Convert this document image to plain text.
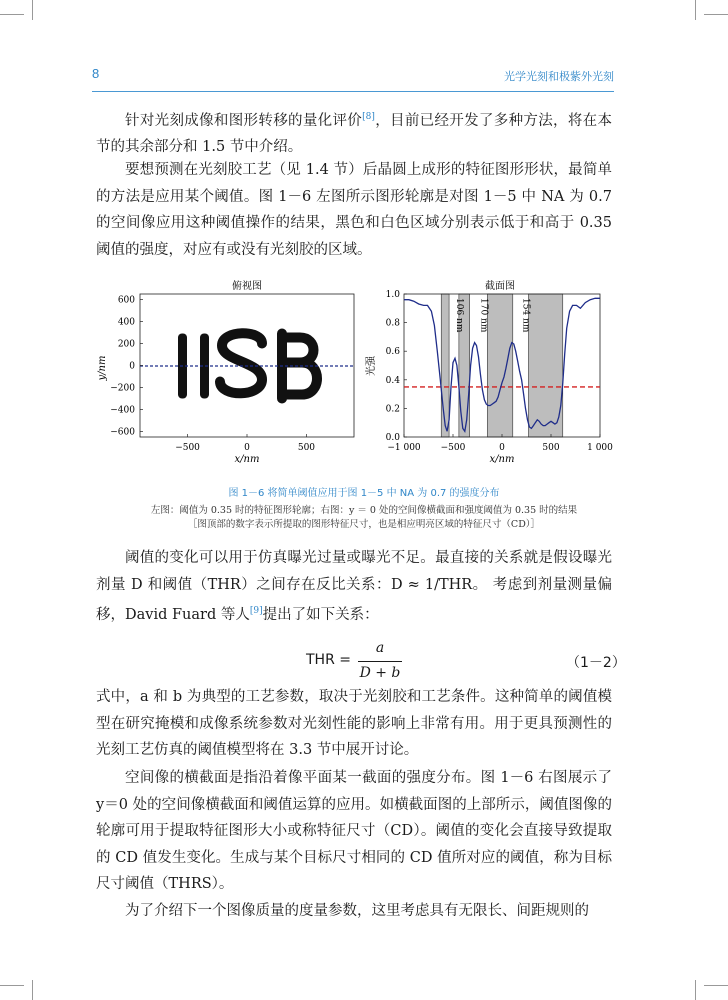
8	光学光刻和极紫外光刻

针对光刻成像和图形转移的量化评价[8]，目前已经开发了多种方法，将在本节的其余部分和 1.5 节中介绍。

要想预测在光刻胶工艺（见 1.4 节）后晶圆上成形的特征图形形状，最简单的方法是应用某个阈值。图 1－6 左图所示图形轮廓是对图 1－5 中 NA 为 0.7 的空间像应用这种阈值操作的结果，黑色和白色区域分别表示低于和高于 0.35 阈值的强度，对应有或没有光刻胶的区域。

俯视图
600
400
200
0
−200
−400
−600
−500	0	500
y/nm
x/nm
截面图
106 nm 170 nm	154 nm
0.0
0.2
0.4
0.6
0.8
1.0
−1 000 −500	0	500	1 000
光强
x/nm
图 1－6 将简单阈值应用于图 1－5 中 NA 为 0.7 的强度分布
左图：阈值为 0.35 时的特征图形轮廓；右图：y ＝ 0 处的空间像横截面和强度阈值为 0.35 时的结果
［图顶部的数字表示所提取的图形特征尺寸，也是相应明亮区域的特征尺寸（CD）］

阈值的变化可以用于仿真曝光过量或曝光不足。最直接的关系就是假设曝光剂量 D 和阈值（THR）之间存在反比关系：D ≈ 1/THR。 考虑到剂量测量偏移，David Fuard 等人[9]提出了如下关系：

THR =
a
D + b
（1－2）

式中，a 和 b 为典型的工艺参数，取决于光刻胶和工艺条件。这种简单的阈值模型在研究掩模和成像系统参数对光刻性能的影响上非常有用。用于更具预测性的光刻工艺仿真的阈值模型将在 3.3 节中展开讨论。

空间像的横截面是指沿着像平面某一截面的强度分布。图 1－6 右图展示了 y＝0 处的空间像横截面和阈值运算的应用。如横截面图的上部所示，阈值图像的轮廓可用于提取特征图形大小或称特征尺寸（CD）。阈值的变化会直接导致提取的 CD 值发生变化。生成与某个目标尺寸相同的 CD 值所对应的阈值，称为目标尺寸阈值（THRS）。

为了介绍下一个图像质量的度量参数，这里考虑具有无限长、间距规则的
